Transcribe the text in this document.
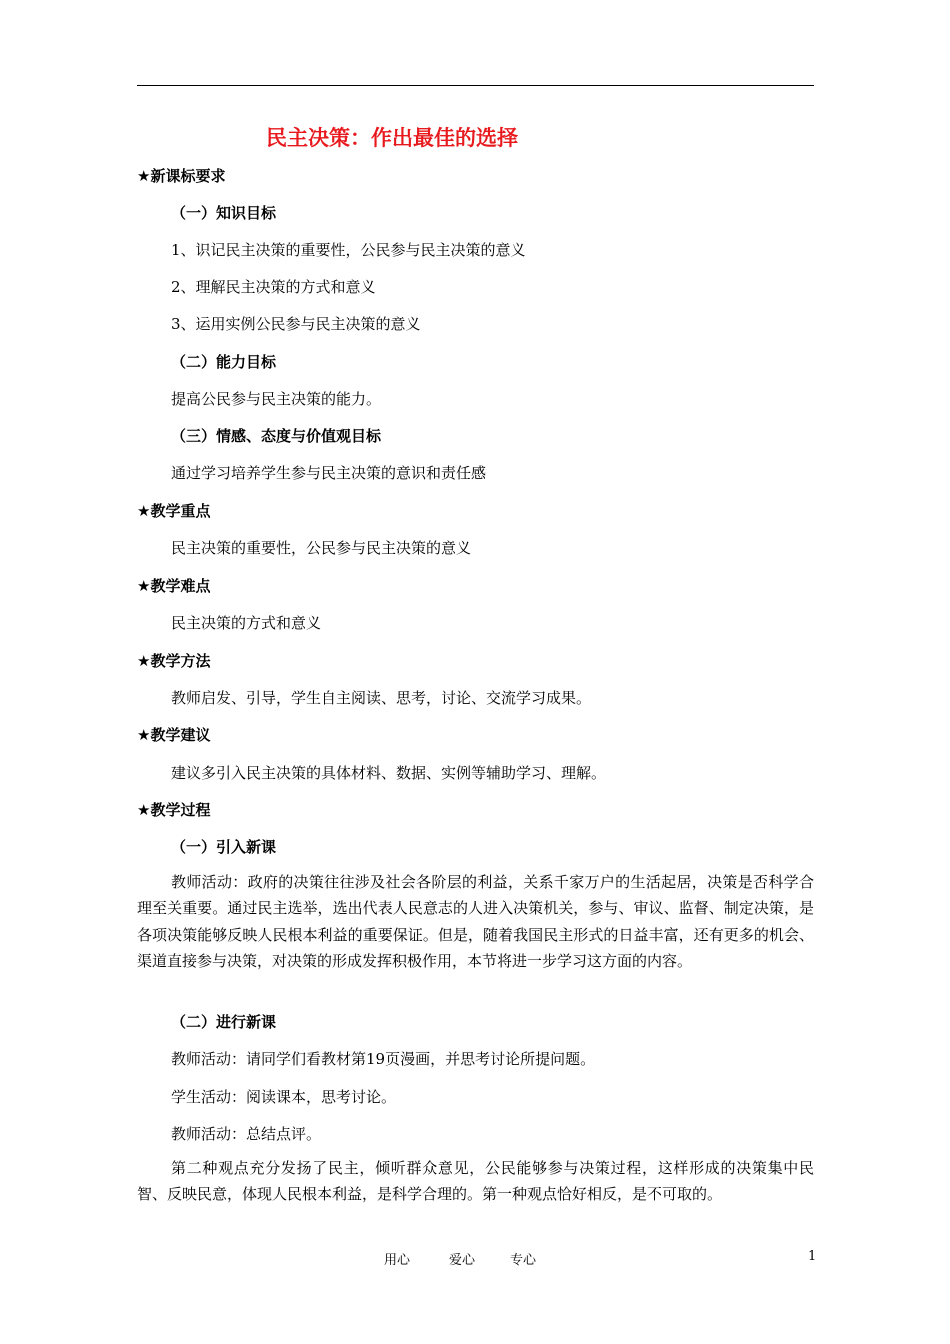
民主决策：作出最佳的选择
★新课标要求
（一）知识目标
1、识记民主决策的重要性，公民参与民主决策的意义
2、理解民主决策的方式和意义
3、运用实例公民参与民主决策的意义
（二）能力目标
提高公民参与民主决策的能力。
（三）情感、态度与价值观目标
通过学习培养学生参与民主决策的意识和责任感
★教学重点
民主决策的重要性，公民参与民主决策的意义
★教学难点
民主决策的方式和意义
★教学方法
教师启发、引导，学生自主阅读、思考，讨论、交流学习成果。
★教学建议
建议多引入民主决策的具体材料、数据、实例等辅助学习、理解。
★教学过程
（一）引入新课

教师活动：政府的决策往往涉及社会各阶层的利益，关系千家万户的生活起居，决策是否科学合理至关重要。通过民主选举，选出代表人民意志的人进入决策机关，参与、审议、监督、制定决策，是各项决策能够反映人民根本利益的重要保证。但是，随着我国民主形式的日益丰富，还有更多的机会、渠道直接参与决策，对决策的形成发挥积极作用，本节将进一步学习这方面的内容。

（二）进行新课
教师活动：请同学们看教材第19页漫画，并思考讨论所提问题。
学生活动：阅读课本，思考讨论。
教师活动：总结点评。

第二种观点充分发扬了民主，倾听群众意见，公民能够参与决策过程，这样形成的决策集中民智、反映民意，体现人民根本利益，是科学合理的。第一种观点恰好相反，是不可取的。

用心	爱心	专心	1
